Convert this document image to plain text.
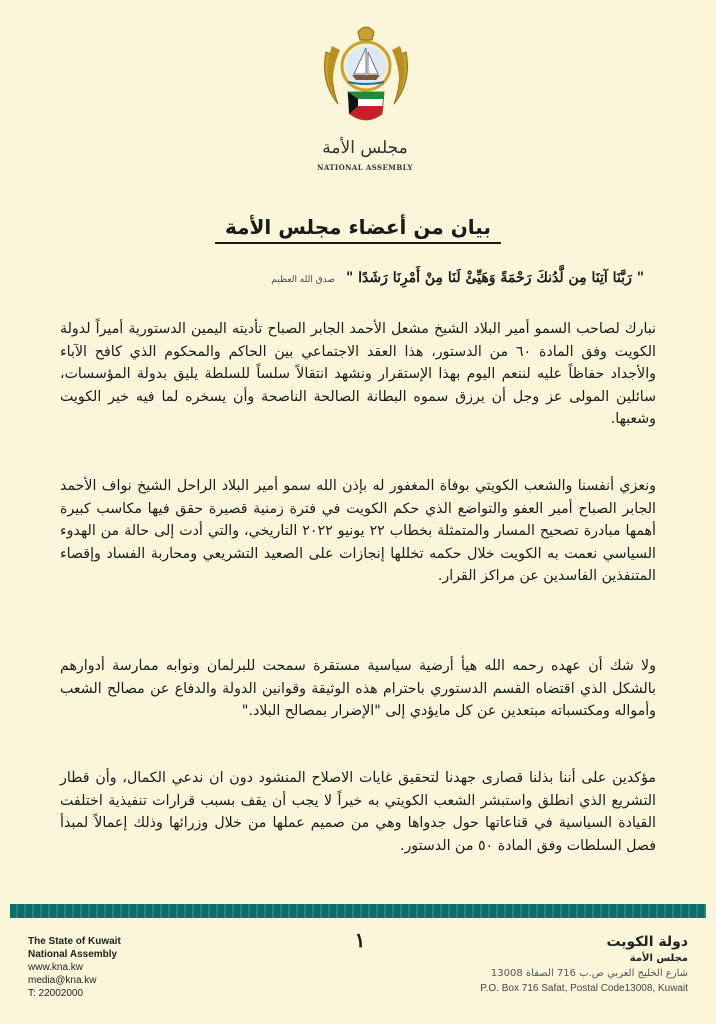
مجلس الأمة
NATIONAL ASSEMBLY
بيان من أعضاء مجلس الأمة
" رَبَّنَا آتِنَا مِن لَّدُنكَ رَحْمَةً وَهَيِّئْ لَنَا مِنْ أَمْرِنَا رَشَدًا " صدق الله العظيم
نبارك لصاحب السمو أمير البلاد الشيخ مشعل الأحمد الجابر الصباح تأديته اليمين الدستورية أميراً لدولة الكويت وفق المادة ٦٠ من الدستور، هذا العقد الاجتماعي بين الحاكم والمحكوم الذي كافح الآباء والأجداد حفاظاً عليه لننعم اليوم بهذا الإستقرار ونشهد انتقالاً سلساً للسلطة يليق بدولة المؤسسات، سائلين المولى عز وجل أن يرزق سموه البطانة الصالحة الناصحة وأن يسخره لما فيه خير الكويت وشعبها.
ونعزي أنفسنا والشعب الكويتي بوفاة المغفور له بإذن الله سمو أمير البلاد الراحل الشيخ نواف الأحمد الجابر الصباح أمير العفو والتواضع الذي حكم الكويت في فترة زمنية قصيرة حقق فيها مكاسب كبيرة أهمها مبادرة تصحيح المسار والمتمثلة بخطاب ٢٢ يونيو ٢٠٢٢ التاريخي، والتي أدت إلى حالة من الهدوء السياسي نعمت به الكويت خلال حكمه تخللها إنجازات على الصعيد التشريعي ومحاربة الفساد وإقصاء المتنفذين الفاسدين عن مراكز القرار.
ولا شك أن عهده رحمه الله هيأ أرضية سياسية مستقرة سمحت للبرلمان ونوابه ممارسة أدوارهم بالشكل الذي اقتضاه القسم الدستوري باحترام هذه الوثيقة وقوانين الدولة والدفاع عن مصالح الشعب وأمواله ومكتسباته مبتعدين عن كل مايؤدي إلى "الإضرار بمصالح البلاد."
مؤكدين على أننا بذلنا قصارى جهدنا لتحقيق غايات الاصلاح المنشود دون ان ندعي الكمال، وأن قطار التشريع الذي انطلق واستبشر الشعب الكويتي به خيراً لا يجب أن يقف بسبب قرارات تنفيذية اختلفت القيادة السياسية في قناعاتها حول جدواها وهي من صميم عملها من خلال وزرائها وذلك إعمالاً لمبدأ فصل السلطات وفق المادة ٥٠ من الدستور.
The State of Kuwait
National Assembly
www.kna.kw
media@kna.kw
T: 22002000
١	دولة الكويت
مجلس الأمة
شارع الخليج العربي ص.ب 716 الصفاة 13008
P.O. Box 716 Safat, Postal Code13008, Kuwait
